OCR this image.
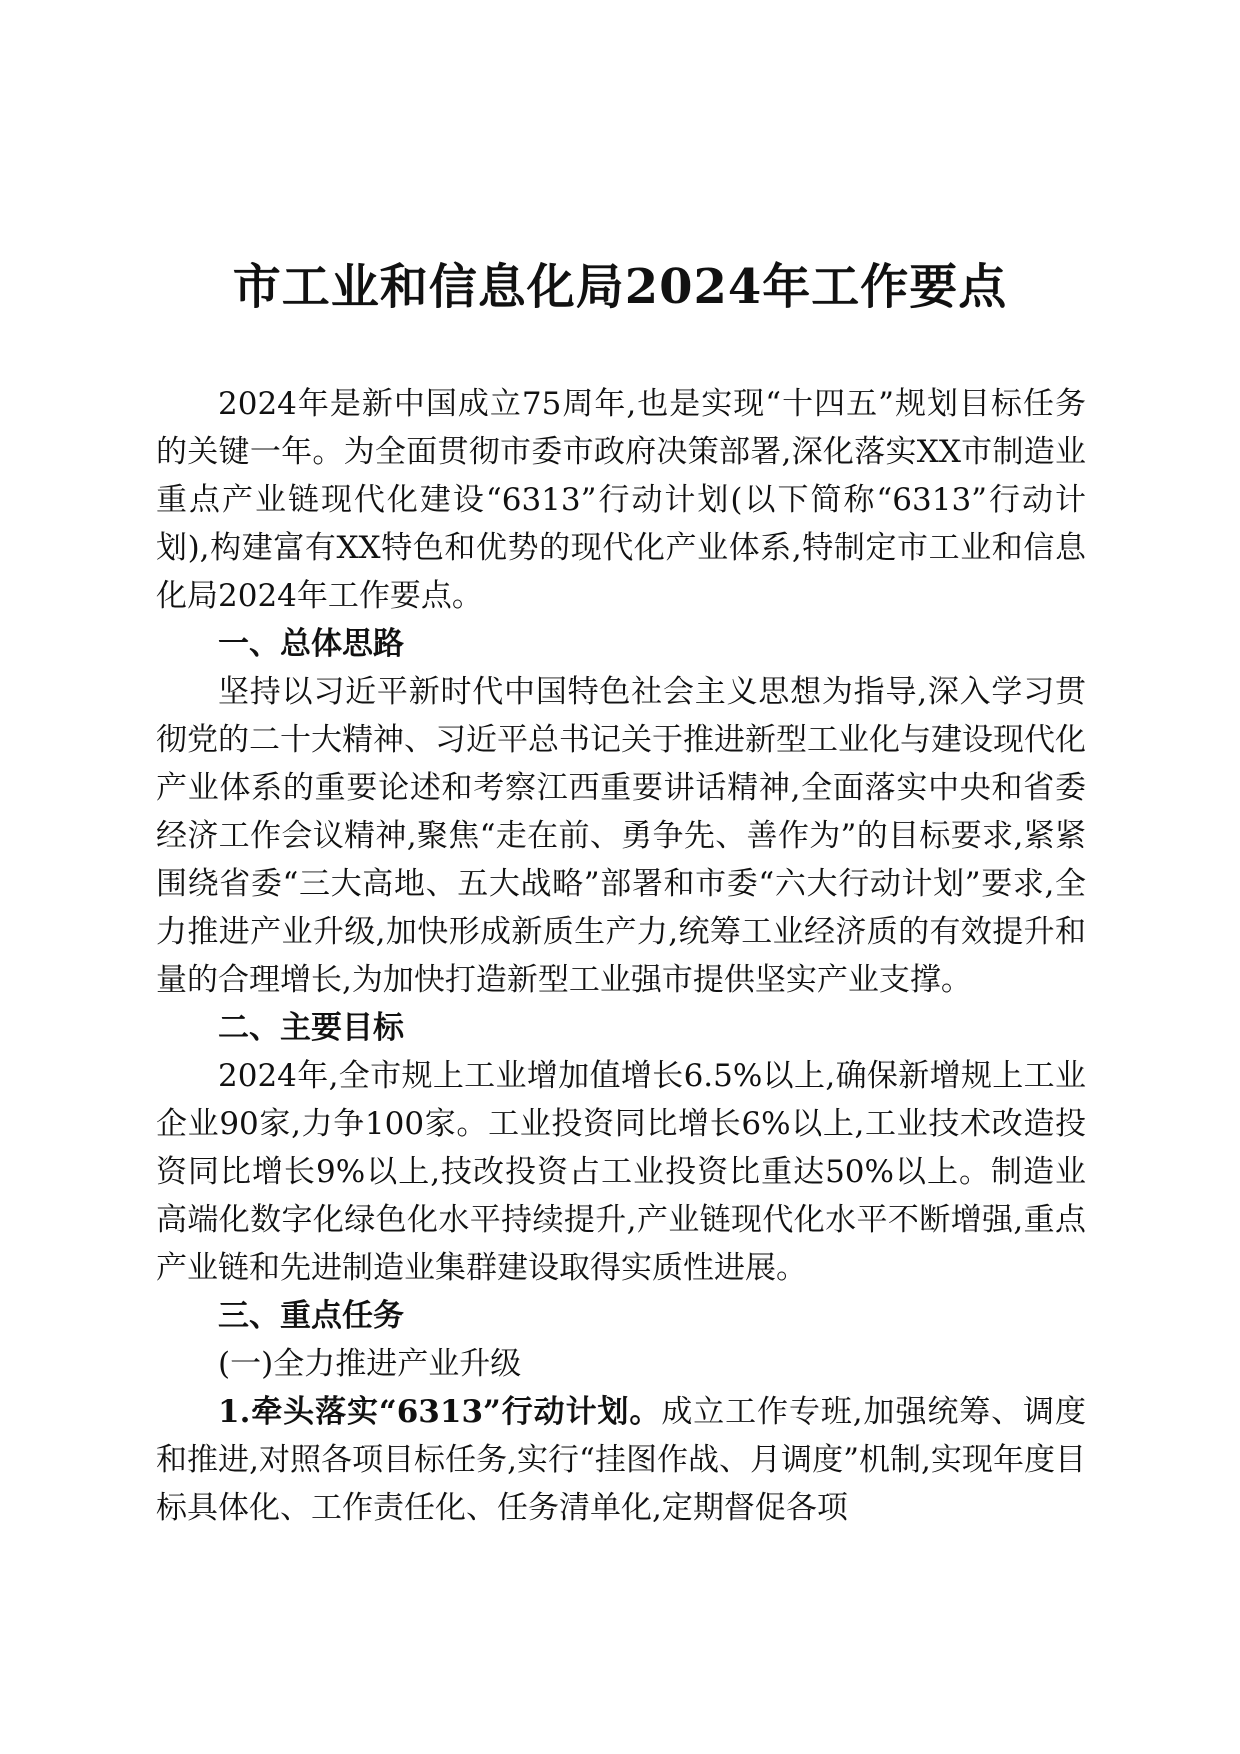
市工业和信息化局2024年工作要点

2024年是新中国成立75周年,也是实现“十四五”规划目标任务的关键一年。为全面贯彻市委市政府决策部署,深化落实XX市制造业重点产业链现代化建设“6313”行动计划(以下简称“6313”行动计划),构建富有XX特色和优势的现代化产业体系,特制定市工业和信息化局2024年工作要点。

一、总体思路

坚持以习近平新时代中国特色社会主义思想为指导,深入学习贯彻党的二十大精神、习近平总书记关于推进新型工业化与建设现代化产业体系的重要论述和考察江西重要讲话精神,全面落实中央和省委经济工作会议精神,聚焦“走在前、勇争先、善作为”的目标要求,紧紧围绕省委“三大高地、五大战略”部署和市委“六大行动计划”要求,全力推进产业升级,加快形成新质生产力,统筹工业经济质的有效提升和量的合理增长,为加快打造新型工业强市提供坚实产业支撑。

二、主要目标

2024年,全市规上工业增加值增长6.5%以上,确保新增规上工业企业90家,力争100家。工业投资同比增长6%以上,工业技术改造投资同比增长9%以上,技改投资占工业投资比重达50%以上。制造业高端化数字化绿色化水平持续提升,产业链现代化水平不断增强,重点产业链和先进制造业集群建设取得实质性进展。

三、重点任务

(一)全力推进产业升级

1.牵头落实“6313”行动计划。成立工作专班,加强统筹、调度和推进,对照各项目标任务,实行“挂图作战、月调度”机制,实现年度目标具体化、工作责任化、任务清单化,定期督促各项
